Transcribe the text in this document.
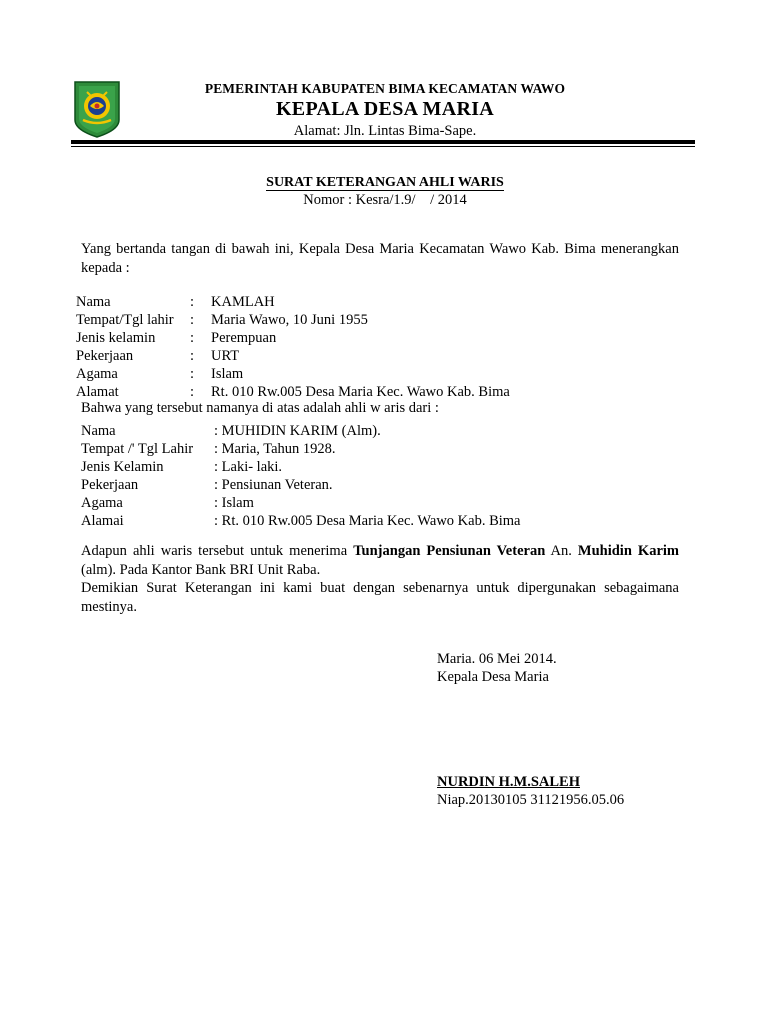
PEMERINTAH KABUPATEN BIMA KECAMATAN WAWO
KEPALA DESA MARIA
Alamat: Jln. Lintas Bima-Sape.
SURAT KETERANGAN AHLI WARIS
Nomor : Kesra/1.9/    / 2014

Yang bertanda tangan di bawah ini, Kepala Desa Maria Kecamatan Wawo Kab. Bima menerangkan kepada :

Nama	:	KAMLAH
Tempat/Tgl lahir	:	Maria Wawo, 10 Juni 1955
Jenis kelamin	:	Perempuan
Pekerjaan	:	URT
Agama	:	Islam
Alamat	:	Rt. 010 Rw.005 Desa Maria Kec. Wawo Kab. Bima

Bahwa yang tersebut namanya di atas adalah ahli w aris dari :

Nama	: MUHIDIN KARIM (Alm).
Tempat /' Tgl Lahir	: Maria, Tahun 1928.
Jenis Kelamin	: Laki- laki.
Pekerjaan	: Pensiunan Veteran.
Agama	: Islam
Alamai	: Rt. 010 Rw.005 Desa Maria Kec. Wawo Kab. Bima
Adapun ahli waris tersebut untuk menerima Tunjangan Pensiunan Veteran An. Muhidin Karim (alm). Pada Kantor Bank BRI Unit Raba.
Demikian Surat Keterangan ini kami buat dengan sebenarnya untuk dipergunakan sebagaimana mestinya.
Maria. 06 Mei 2014.
Kepala Desa Maria
NURDIN H.M.SALEH
Niap.20130105 31121956.05.06
